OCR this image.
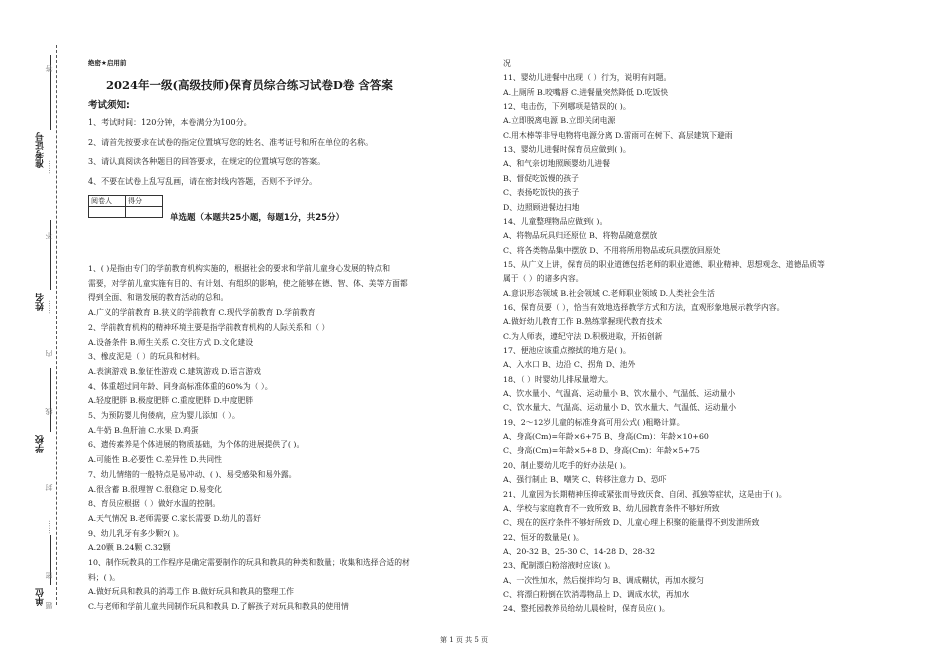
准考证号
姓名
学校
单位
答
不
内
线
封
密
题
……
……
……
绝密★启用前
2024年一级(高级技师)保育员综合练习试卷D卷 含答案
考试须知:
1、考试时间：120分钟，本卷满分为100分。
2、请首先按要求在试卷的指定位置填写您的姓名、准考证号和所在单位的名称。
3、请认真阅读各种题目的回答要求，在规定的位置填写您的答案。
4、不要在试卷上乱写乱画，请在密封线内答题，否则不予评分。
阅卷人	得分

单选题（本题共25小题，每题1分，共25分）
1、( )是指由专门的学前教育机构实施的，根据社会的要求和学前儿童身心发展的特点和
需要，对学前儿童实施有目的、有计划、有组织的影响，使之能够在德、智、体、美等方面都
得到全面、和谐发展的教育活动的总和。
A.广义的学前教育 B.狭义的学前教育 C.现代学前教育 D.学前教育
2、学前教育机构的精神环境主要是指学前教育机构的人际关系和（ ）
A.设备条件 B.师生关系 C.交往方式 D.文化建设
3、橡皮泥是（ ）的玩具和材料。
A.表演游戏 B.象征性游戏 C.建筑游戏 D.语言游戏
4、体重超过同年龄、同身高标准体重的60%为（ ）。
A.轻度肥胖 B.极度肥胖 C.重度肥胖 D.中度肥胖
5、为预防婴儿佝偻病，应为婴儿添加（ ）。
A.牛奶 B.鱼肝油 C.水果 D.鸡蛋
6、遗传素养是个体进展的物质基础，为个体的进展提供了( )。
A.可能性 B.必要性 C.差异性 D.共同性
7、幼儿情绪的一般特点是易冲动、( )、易受感染和易外露。
A.很含蓄 B.很理智 C.很稳定 D.易变化
8、育员应根据（ ）做好水温的控制。
A.天气情况 B.老师需要 C.家长需要 D.幼儿的喜好
9、幼儿乳牙有多少颗?( )。
A.20颗 B.24颗 C.32颗
10、制作玩教具的工作程序是确定需要制作的玩具和教具的种类和数量；收集和选择合适的材
料；( )。
A.做好玩具和教具的消毒工作 B.做好玩具和教具的整理工作
C.与老师和学前儿童共同制作玩具和教具 D.了解孩子对玩具和教具的使用情
况
11、婴幼儿进餐中出现（ ）行为，说明有问题。
A.上厕所 B.咬嘴唇 C.进餐量突然降低 D.吃饭快
12、电击伤，下列哪项是错误的( )。
A.立即脱离电源 B.立即关闭电源
C.用木棒等非导电物将电源分离 D.雷雨可在树下、高层建筑下避雨
13、婴幼儿进餐时保育员应做到( )。
A、和气亲切地照顾婴幼儿进餐
B、督促吃饭慢的孩子
C、表扬吃饭快的孩子
D、边照顾进餐边扫地
14、儿童整理物品应做到( )。
A、将物品玩具归还原位 B、将物品随意摆放
C、将各类物品集中摆放 D、不用将所用物品或玩具摆放回原处
15、从广义上讲，保育员的职业道德包括老师的职业道德、职业精神、思想观念、道德品质等
属于（ ）的诸多内容。
A.意识形态领域 B.社会领域 C.老师职业领域 D.人类社会生活
16、保育员要（ ），恰当有效地选择教学方式和方法，直观形象地展示教学内容。
A.做好幼儿教育工作 B.熟练掌握现代教育技术
C.为人师表，遵纪守法 D.积极进取，开拓创新
17、便池应该重点擦拭的地方是( )。
A、入水口 B、边沿 C、拐角 D、池外
18、（ ）时婴幼儿排尿量增大。
A、饮水量小、气温高、运动量小 B、饮水量小、气温低、运动量小
C、饮水量大、气温高、运动量小 D、饮水量大、气温低、运动量小
19、2～12岁儿童的标准身高可用公式( )粗略计算。
A、身高(Cm)=年龄×6+75 B、身高(Cm)：年龄×10+60
C、身高(Cm)=年龄×5+8 D、身高(Cm)：年龄×5+75
20、制止婴幼儿吃手的好办法是( )。
A、强行制止 B、嘲笑 C、转移注意力 D、恐吓
21、儿童因为长期精神压抑或紧张而导致厌食、自闭、孤独等症状，这是由于( )。
A、学校与家庭教育不一致所致 B、幼儿园教育条件不够好所致
C、现在的医疗条件不够好所致 D、儿童心理上积聚的能量得不到发泄所致
22、恒牙的数量是( )。
A、20-32 B、25-30 C、14-28 D、28-32
23、配制漂白粉溶液时应该( )。
A、一次性加水，然后搅拌均匀 B、调成糊状，再加水搅匀
C、将漂白粉倒在饮消毒物品上 D、调成水状，再加水
24、整托园教养员给幼儿晨检时，保育员应( )。
第 1 页 共 5 页
